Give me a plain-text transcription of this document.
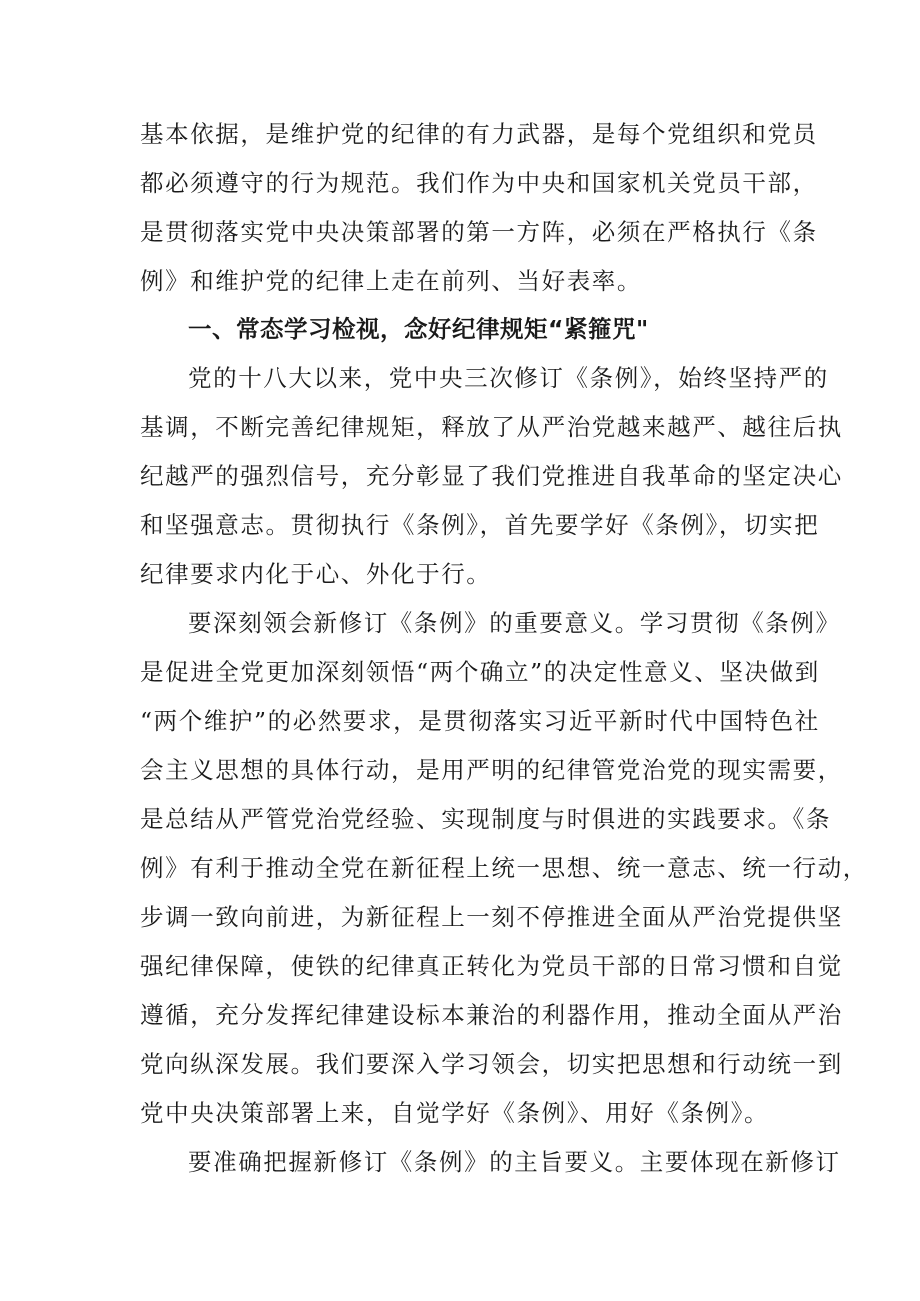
基本依据，是维护党的纪律的有力武器，是每个党组织和党员
都必须遵守的行为规范。我们作为中央和国家机关党员干部，
是贯彻落实党中央决策部署的第一方阵，必须在严格执行《条
例》和维护党的纪律上走在前列、当好表率。
一、常态学习检视，念好纪律规矩“紧箍咒"
党的十八大以来，党中央三次修订《条例》，始终坚持严的
基调，不断完善纪律规矩，释放了从严治党越来越严、越往后执
纪越严的强烈信号，充分彰显了我们党推进自我革命的坚定决心
和坚强意志。贯彻执行《条例》，首先要学好《条例》，切实把
纪律要求内化于心、外化于行。
要深刻领会新修订《条例》的重要意义。学习贯彻《条例》
是促进全党更加深刻领悟“两个确立”的决定性意义、坚决做到
“两个维护”的必然要求，是贯彻落实习近平新时代中国特色社
会主义思想的具体行动，是用严明的纪律管党治党的现实需要，
是总结从严管党治党经验、实现制度与时俱进的实践要求。《条
例》有利于推动全党在新征程上统一思想、统一意志、统一行动，
步调一致向前进，为新征程上一刻不停推进全面从严治党提供坚
强纪律保障，使铁的纪律真正转化为党员干部的日常习惯和自觉
遵循，充分发挥纪律建设标本兼治的利器作用，推动全面从严治
党向纵深发展。我们要深入学习领会，切实把思想和行动统一到
党中央决策部署上来，自觉学好《条例》、用好《条例》。
要准确把握新修订《条例》的主旨要义。主要体现在新修订
